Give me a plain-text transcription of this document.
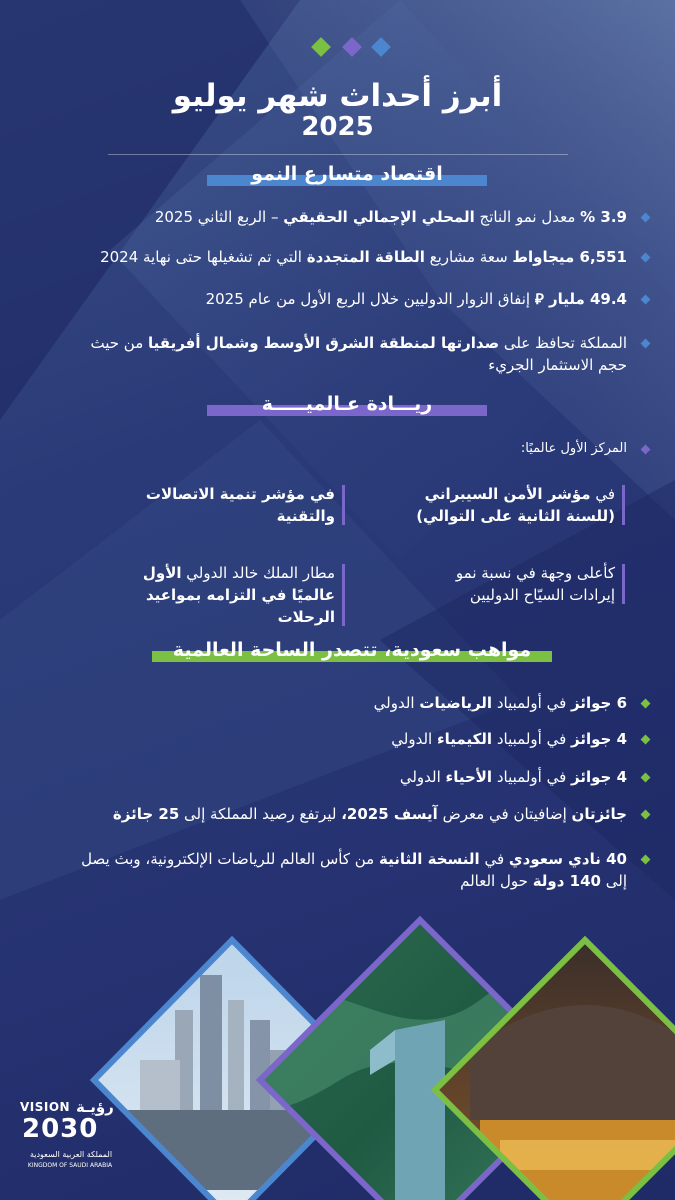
أبرز أحداث شهر يوليو
2025
اقتصاد متسارع النمو
3.9 % معدل نمو الناتج المحلي الإجمالي الحقيقي – الربع الثاني 2025
6,551 ميجاواط سعة مشاريع الطاقة المتجددة التي تم تشغيلها حتى نهاية 2024
49.4 مليار ⃁ إنفاق الزوار الدوليين خلال الربع الأول من عام 2025
المملكة تحافظ على صدارتها لمنطقة الشرق الأوسط وشمال أفريقيا من حيث حجم الاستثمار الجريء
ريـــادة عـالميـــــة
المركز الأول عالميًا:
في مؤشر الأمن السيبراني
(للسنة الثانية على التوالي)
في مؤشر تنمية الاتصالات
والتقنية
كأعلى وجهة في نسبة نمو
إيرادات السيّاح الدوليين
مطار الملك خالد الدولي الأول
عالميًا في التزامه بمواعيد الرحلات
مواهب سعودية، تتصدر الساحة العالمية
6 جوائز في أولمبياد الرياضيات الدولي
4 جوائز في أولمبياد الكيمياء الدولي
4 جوائز في أولمبياد الأحياء الدولي
جائزتان إضافيتان في معرض آيسف 2025، ليرتفع رصيد المملكة إلى 25 جائزة
40 نادي سعودي في النسخة الثانية من كأس العالم للرياضات الإلكترونية، وبث يصل إلى 140 دولة حول العالم
VISION رؤيـة
2030
المملكة العربية السعودية
KINGDOM OF SAUDI ARABIA
